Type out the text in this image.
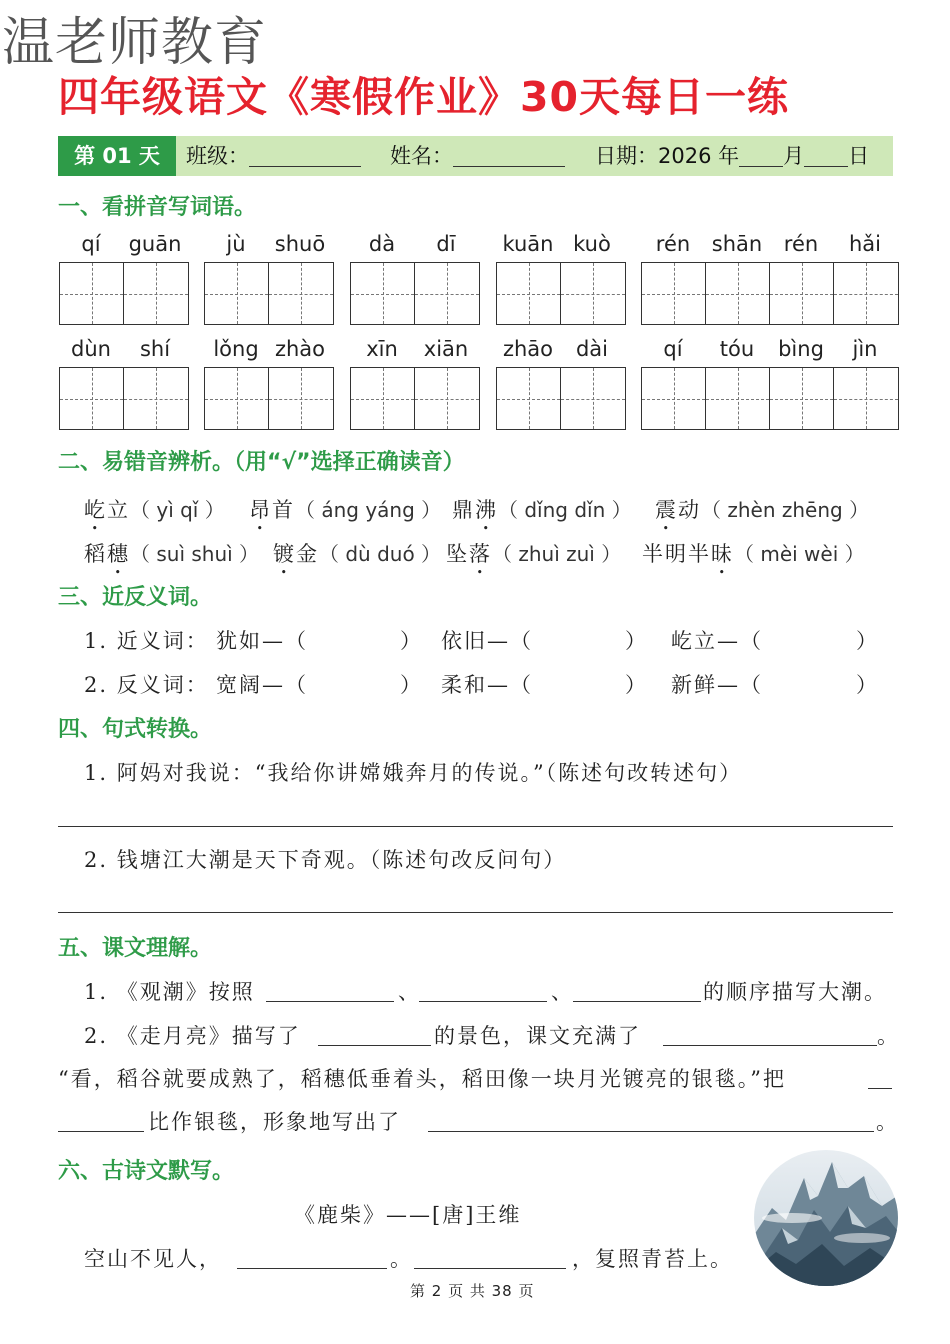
温老师教育
四年级语文《寒假作业》30天每日一练
第 01 天	班级：	姓名：	日期：2026 年 月 日
一、看拼音写词语。
qí	guān	jù	shuō	dà	dī	kuān kuò	rén	shān	rén	hǎi
dùn	shí	lǒng zhào	xīn	xiān	zhāo	dài	qí	tóu	bìng	jìn
二、易错音辨析。（用“√”选择正确读音）
屹立（ yì qǐ ） 昂首（ áng yáng ） 鼎沸（ dǐng dǐn ） 震动（ zhèn zhēng ）
稻穗（ suì shuì ） 镀金（ dù duó ） 坠落（ zhuì zuì ） 半明半昧（ mèi wèi ）
三、近反义词。
1. 近义词： 犹如—（	） 依旧—（	） 屹立—（	）
2. 反义词： 宽阔—（	） 柔和—（	） 新鲜—（	）
四、句式转换。
1. 阿妈对我说：“我给你讲嫦娥奔月的传说。”（陈述句改转述句）
2. 钱塘江大潮是天下奇观。（陈述句改反问句）
五、课文理解。
1. 《观潮》按照	、	、	的顺序描写大潮。
2. 《走月亮》描写了	的景色，课文充满了	。
“看，稻谷就要成熟了，稻穗低垂着头，稻田像一块月光镀亮的银毯。”把
比作银毯，形象地写出了	。
六、古诗文默写。
《鹿柴》——[唐]王维
空山不见人，	。	，复照青苔上。
第 2 页 共 38 页
